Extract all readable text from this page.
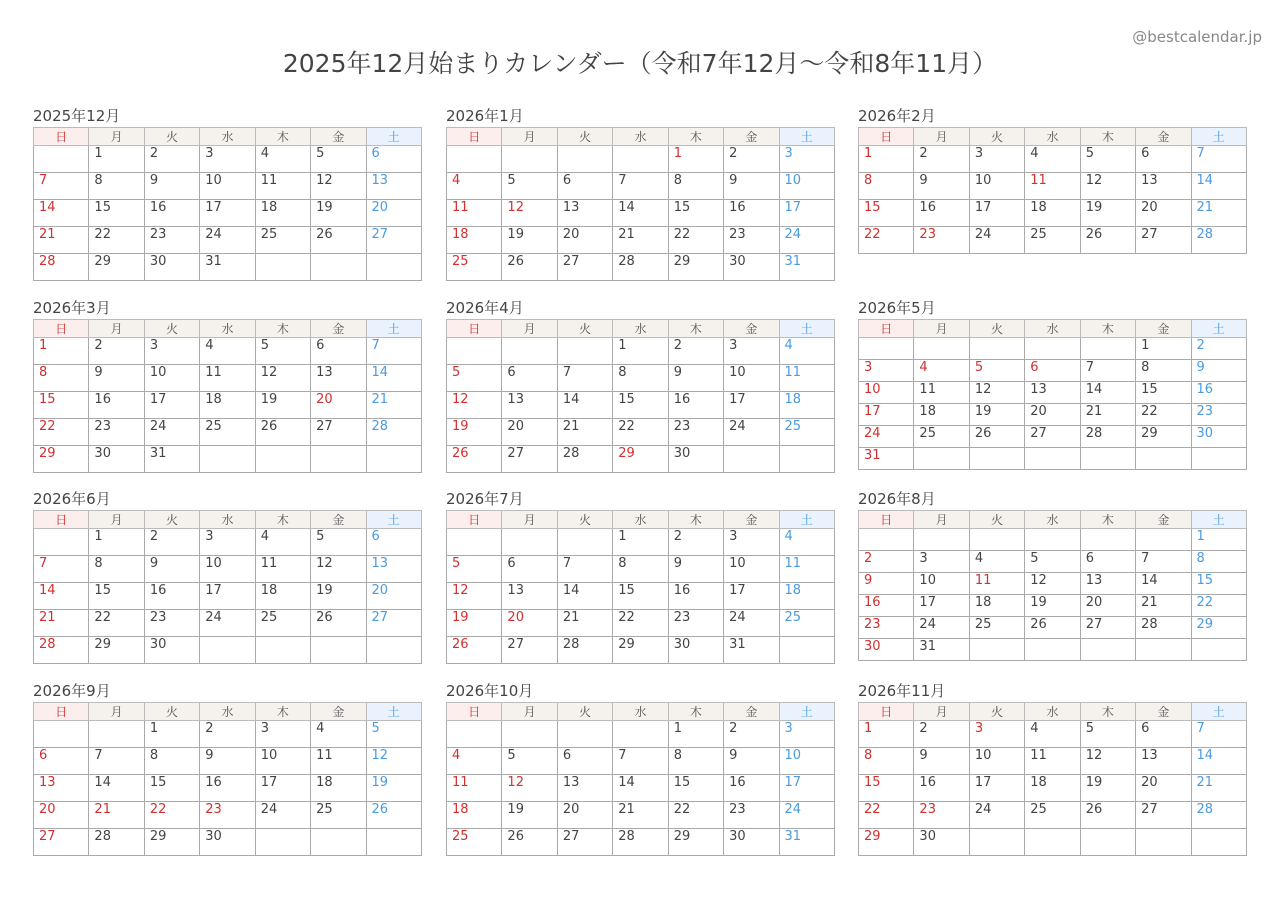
2025年12月始まりカレンダー（令和7年12月〜令和8年11月）
@bestcalendar.jp
2025年12月
日	月	火	水	木	金	土
	1	2	3	4	5	6
7	8	9	10	11	12	13
14	15	16	17	18	19	20
21	22	23	24	25	26	27
28	29	30	31			
2026年1月
日	月	火	水	木	金	土
				1	2	3
4	5	6	7	8	9	10
11	12	13	14	15	16	17
18	19	20	21	22	23	24
25	26	27	28	29	30	31
2026年2月
日	月	火	水	木	金	土
1	2	3	4	5	6	7
8	9	10	11	12	13	14
15	16	17	18	19	20	21
22	23	24	25	26	27	28
2026年3月
日	月	火	水	木	金	土
1	2	3	4	5	6	7
8	9	10	11	12	13	14
15	16	17	18	19	20	21
22	23	24	25	26	27	28
29	30	31				
2026年4月
日	月	火	水	木	金	土
			1	2	3	4
5	6	7	8	9	10	11
12	13	14	15	16	17	18
19	20	21	22	23	24	25
26	27	28	29	30		
2026年5月
日	月	火	水	木	金	土
					1	2
3	4	5	6	7	8	9
10	11	12	13	14	15	16
17	18	19	20	21	22	23
24	25	26	27	28	29	30
31						
2026年6月
日	月	火	水	木	金	土
	1	2	3	4	5	6
7	8	9	10	11	12	13
14	15	16	17	18	19	20
21	22	23	24	25	26	27
28	29	30				
2026年7月
日	月	火	水	木	金	土
			1	2	3	4
5	6	7	8	9	10	11
12	13	14	15	16	17	18
19	20	21	22	23	24	25
26	27	28	29	30	31	
2026年8月
日	月	火	水	木	金	土
						1
2	3	4	5	6	7	8
9	10	11	12	13	14	15
16	17	18	19	20	21	22
23	24	25	26	27	28	29
30	31					
2026年9月
日	月	火	水	木	金	土
		1	2	3	4	5
6	7	8	9	10	11	12
13	14	15	16	17	18	19
20	21	22	23	24	25	26
27	28	29	30			
2026年10月
日	月	火	水	木	金	土
				1	2	3
4	5	6	7	8	9	10
11	12	13	14	15	16	17
18	19	20	21	22	23	24
25	26	27	28	29	30	31
2026年11月
日	月	火	水	木	金	土
1	2	3	4	5	6	7
8	9	10	11	12	13	14
15	16	17	18	19	20	21
22	23	24	25	26	27	28
29	30					
